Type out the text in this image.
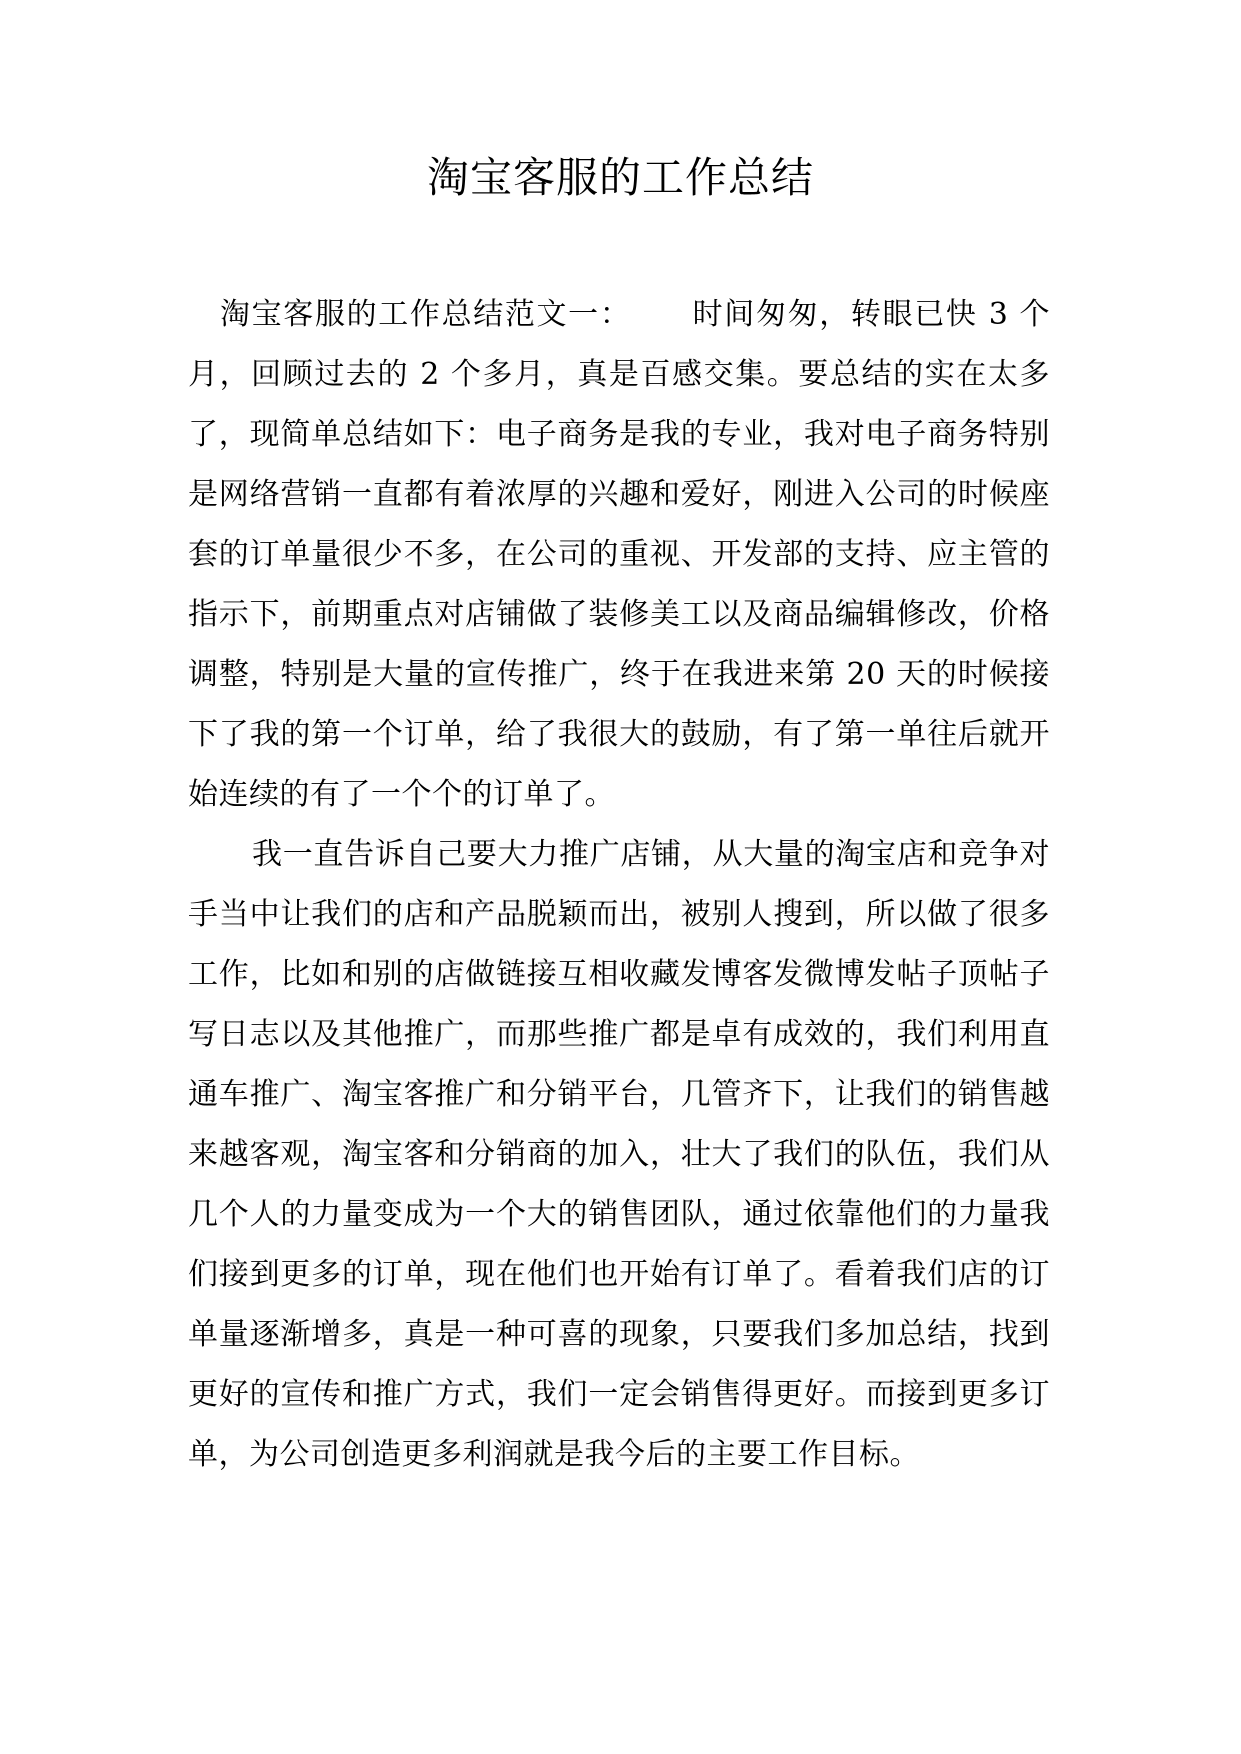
淘宝客服的工作总结

淘宝客服的工作总结范文一： 时间匆匆，转眼已快 3 个月，回顾过去的 2 个多月，真是百感交集。要总结的实在太多了，现简单总结如下：电子商务是我的专业，我对电子商务特别是网络营销一直都有着浓厚的兴趣和爱好，刚进入公司的时候座套的订单量很少不多，在公司的重视、开发部的支持、应主管的指示下，前期重点对店铺做了装修美工以及商品编辑修改，价格调整，特别是大量的宣传推广，终于在我进来第 20 天的时候接下了我的第一个订单，给了我很大的鼓励，有了第一单往后就开始连续的有了一个个的订单了。

我一直告诉自己要大力推广店铺，从大量的淘宝店和竞争对手当中让我们的店和产品脱颖而出，被别人搜到，所以做了很多工作，比如和别的店做链接互相收藏发博客发微博发帖子顶帖子写日志以及其他推广，而那些推广都是卓有成效的，我们利用直通车推广、淘宝客推广和分销平台，几管齐下，让我们的销售越来越客观，淘宝客和分销商的加入，壮大了我们的队伍，我们从几个人的力量变成为一个大的销售团队，通过依靠他们的力量我们接到更多的订单，现在他们也开始有订单了。看着我们店的订单量逐渐增多，真是一种可喜的现象，只要我们多加总结，找到更好的宣传和推广方式，我们一定会销售得更好。而接到更多订单，为公司创造更多利润就是我今后的主要工作目标。
